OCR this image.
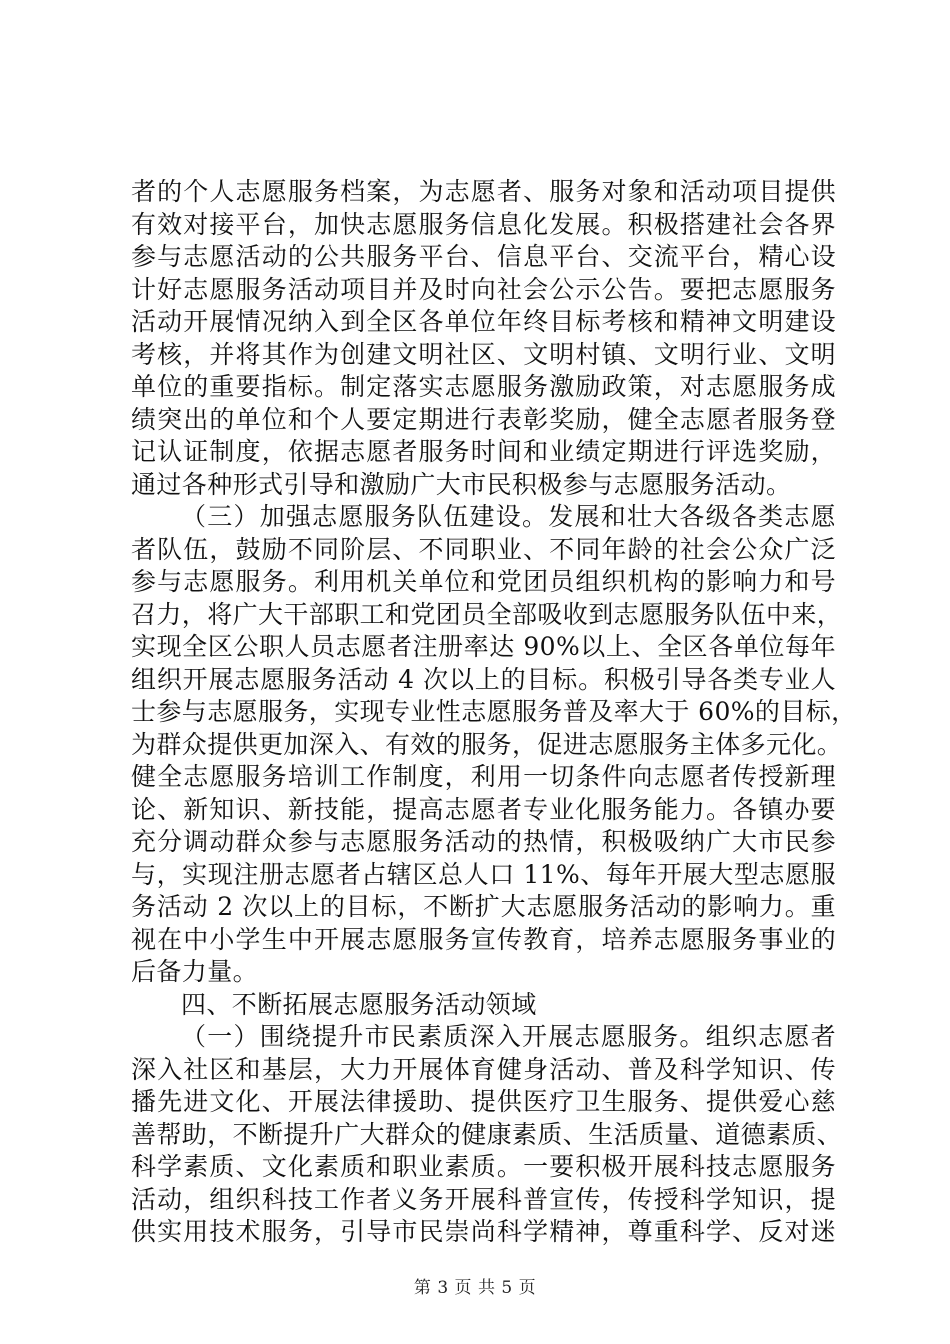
者的个人志愿服务档案，为志愿者、服务对象和活动项目提供
有效对接平台，加快志愿服务信息化发展。积极搭建社会各界
参与志愿活动的公共服务平台、信息平台、交流平台，精心设
计好志愿服务活动项目并及时向社会公示公告。要把志愿服务
活动开展情况纳入到全区各单位年终目标考核和精神文明建设
考核，并将其作为创建文明社区、文明村镇、文明行业、文明
单位的重要指标。制定落实志愿服务激励政策，对志愿服务成
绩突出的单位和个人要定期进行表彰奖励，健全志愿者服务登
记认证制度，依据志愿者服务时间和业绩定期进行评选奖励，
通过各种形式引导和激励广大市民积极参与志愿服务活动。
（三）加强志愿服务队伍建设。发展和壮大各级各类志愿
者队伍，鼓励不同阶层、不同职业、不同年龄的社会公众广泛
参与志愿服务。利用机关单位和党团员组织机构的影响力和号
召力，将广大干部职工和党团员全部吸收到志愿服务队伍中来，
实现全区公职人员志愿者注册率达 90%以上、全区各单位每年
组织开展志愿服务活动 4 次以上的目标。积极引导各类专业人
士参与志愿服务，实现专业性志愿服务普及率大于 60%的目标，
为群众提供更加深入、有效的服务，促进志愿服务主体多元化。
健全志愿服务培训工作制度，利用一切条件向志愿者传授新理
论、新知识、新技能，提高志愿者专业化服务能力。各镇办要
充分调动群众参与志愿服务活动的热情，积极吸纳广大市民参
与，实现注册志愿者占辖区总人口 11%、每年开展大型志愿服
务活动 2 次以上的目标，不断扩大志愿服务活动的影响力。重
视在中小学生中开展志愿服务宣传教育，培养志愿服务事业的
后备力量。
四、不断拓展志愿服务活动领域
（一）围绕提升市民素质深入开展志愿服务。组织志愿者
深入社区和基层，大力开展体育健身活动、普及科学知识、传
播先进文化、开展法律援助、提供医疗卫生服务、提供爱心慈
善帮助，不断提升广大群众的健康素质、生活质量、道德素质、
科学素质、文化素质和职业素质。一要积极开展科技志愿服务
活动，组织科技工作者义务开展科普宣传，传授科学知识，提
供实用技术服务，引导市民崇尚科学精神，尊重科学、反对迷
第 3 页 共 5 页
